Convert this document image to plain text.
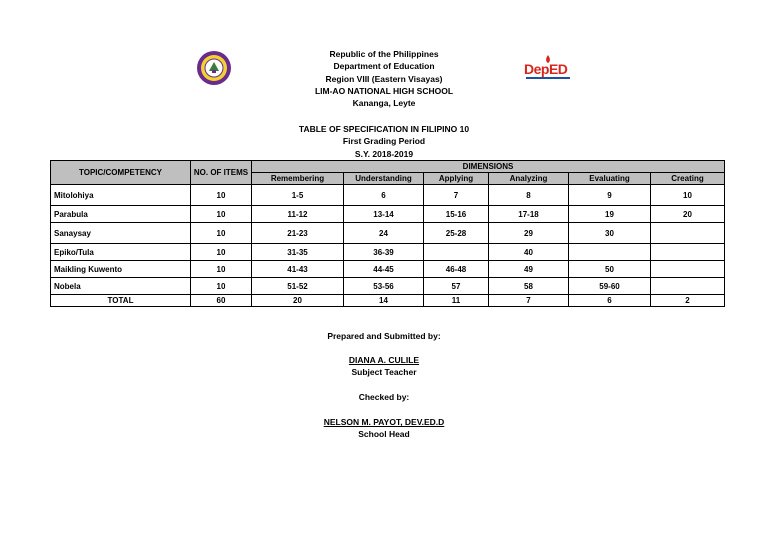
Republic of the Philippines
Department of Education
Region VIII (Eastern Visayas)
LIM-AO NATIONAL HIGH SCHOOL
Kananga, Leyte
DepED
TABLE OF SPECIFICATION IN FILIPINO 10
First Grading Period
S.Y. 2018-2019
TOPIC/COMPETENCY	NO. OF ITEMS	DIMENSIONS					
		Remembering	Understanding	Applying	Analyzing	Evaluating	Creating
Mitolohiya	10	1-5	6	7	8	9	10
Parabula	10	11-12	13-14	15-16	17-18	19	20
Sanaysay	10	21-23	24	25-28	29	30	
Epiko/Tula	10	31-35	36-39		40		
Maikling Kuwento	10	41-43	44-45	46-48	49	50	
Nobela	10	51-52	53-56	57	58	59-60	
TOTAL	60	20	14	11	7	6	2
Prepared and Submitted by:
DIANA A. CULILE
Subject Teacher
Checked by:
NELSON M. PAYOT, DEV.ED.D
School Head
